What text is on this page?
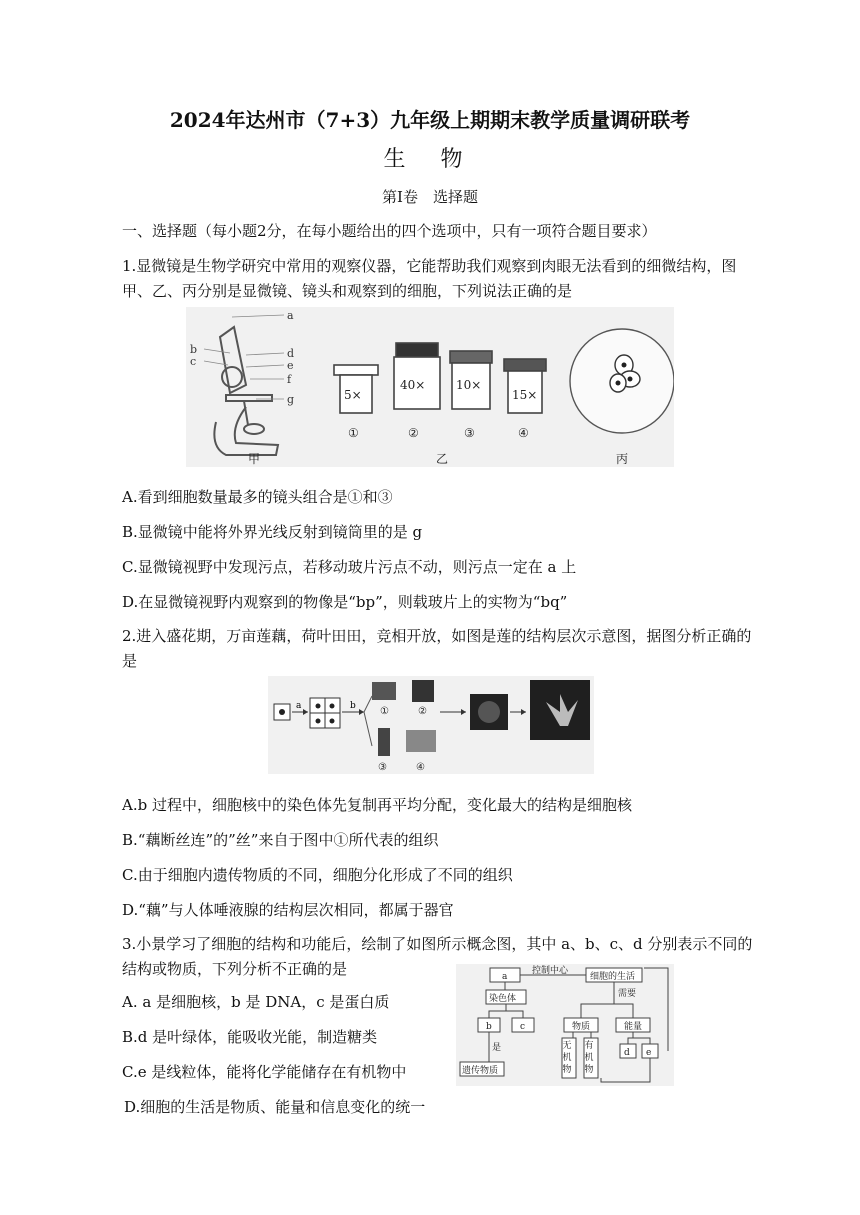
2024年达州市（7+3）九年级上期期末教学质量调研联考
生 物
第Ⅰ卷　选择题
一、选择题（每小题2分，在每小题给出的四个选项中，只有一项符合题目要求）
1.显微镜是生物学研究中常用的观察仪器，它能帮助我们观察到肉眼无法看到的细微结构，图甲、乙、丙分别是显微镜、镜头和观察到的细胞，下列说法正确的是
a
b
c
d
e
f
g	5×
40×	10×
15×
①	②	③	④
甲	乙	丙
A.看到细胞数量最多的镜头组合是①和③
B.显微镜中能将外界光线反射到镜筒里的是 g
C.显微镜视野中发现污点，若移动玻片污点不动，则污点一定在 a 上
D.在显微镜视野内观察到的物像是“bp”，则载玻片上的实物为“bq”
2.进入盛花期，万亩莲藕，荷叶田田，竞相开放，如图是莲的结构层次示意图，据图分析正确的是
a	b ①	②
③	④
A.b 过程中，细胞核中的染色体先复制再平均分配，变化最大的结构是细胞核
B.“藕断丝连”的”丝”来自于图中①所代表的组织
C.由于细胞内遗传物质的不同，细胞分化形成了不同的组织
D.“藕”与人体唾液腺的结构层次相同，都属于器官
3.小景学习了细胞的结构和功能后，绘制了如图所示概念图，其中 a、b、c、d 分别表示不同的结构或物质，下列分析不正确的是	a
控制中心
细胞的生活
染色体	需要
b	c	物质	能量
是
遗传物质
d e
无机物
有机物
A. a 是细胞核，b 是 DNA，c 是蛋白质
B.d 是叶绿体，能吸收光能，制造糖类
C.e 是线粒体，能将化学能储存在有机物中
D.细胞的生活是物质、能量和信息变化的统一
